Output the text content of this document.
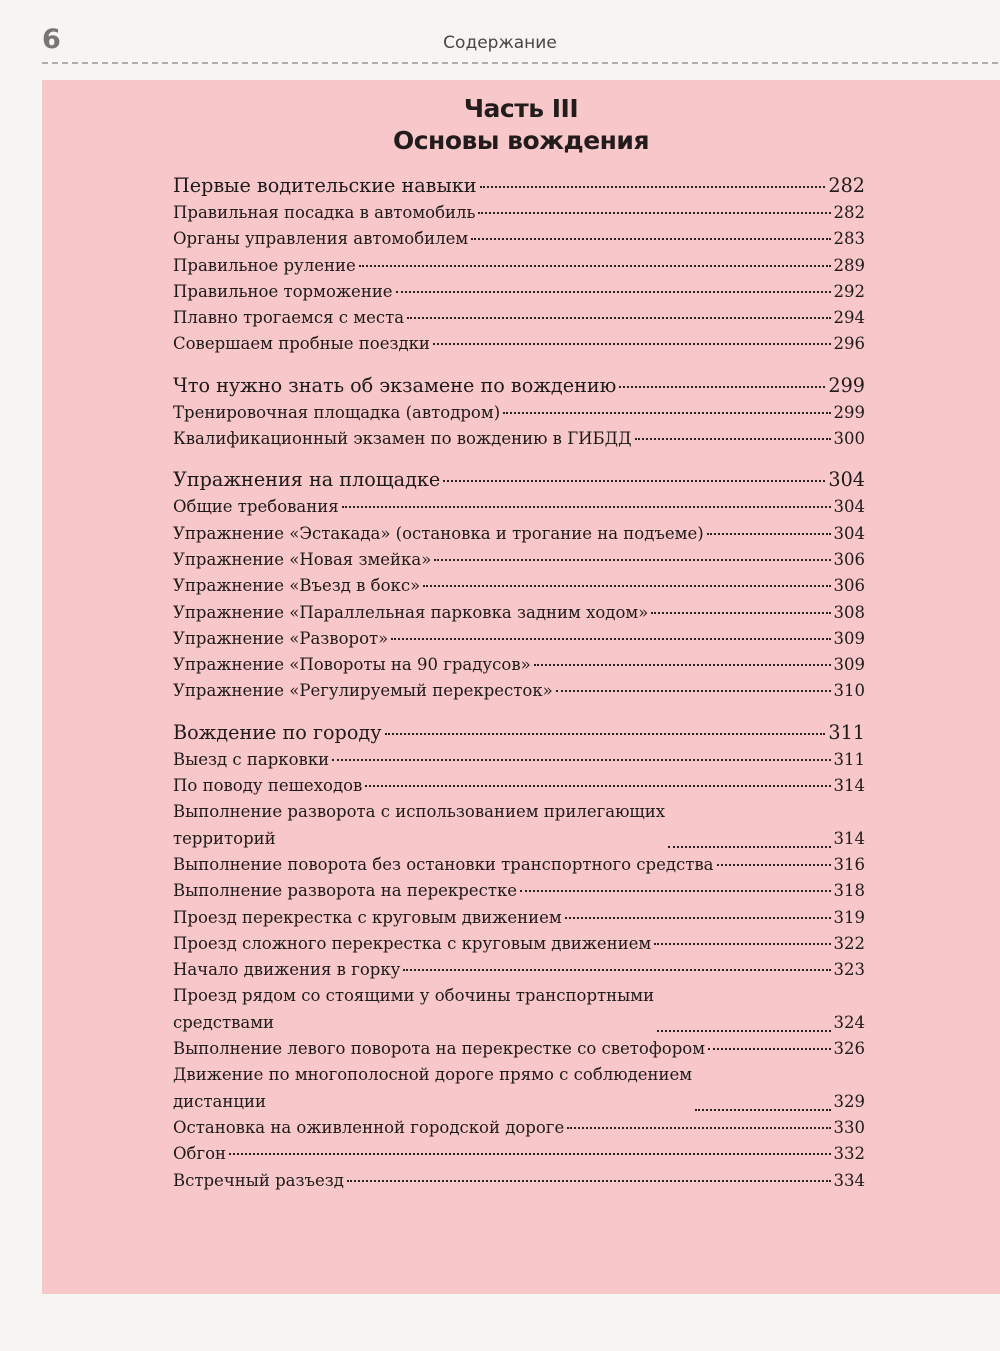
6	Содержание
Часть III
Основы вождения
Первые водительские навыки	282
Правильная посадка в автомобиль	282
Органы управления автомобилем	283
Правильное руление	289
Правильное торможение	292
Плавно трогаемся с места	294
Совершаем пробные поездки	296
Что нужно знать об экзамене по вождению	299
Тренировочная площадка (автодром)	299
Квалификационный экзамен по вождению в ГИБДД	300
Упражнения на площадке	304
Общие требования	304
Упражнение «Эстакада» (остановка и трогание на подъеме)	304
Упражнение «Новая змейка»	306
Упражнение «Въезд в бокс»	306
Упражнение «Параллельная парковка задним ходом»	308
Упражнение «Разворот»	309
Упражнение «Повороты на 90 градусов»	309
Упражнение «Регулируемый перекресток»	310
Вождение по городу	311
Выезд с парковки	311
По поводу пешеходов	314
Выполнение разворота с использованием прилегающих
территорий	314
Выполнение поворота без остановки транспортного средства	316
Выполнение разворота на перекрестке	318
Проезд перекрестка с круговым движением	319
Проезд сложного перекрестка с круговым движением	322
Начало движения в горку	323
Проезд рядом со стоящими у обочины транспортными
средствами	324
Выполнение левого поворота на перекрестке со светофором	326
Движение по многополосной дороге прямо с соблюдением
дистанции	329
Остановка на оживленной городской дороге	330
Обгон	332
Встречный разъезд	334
